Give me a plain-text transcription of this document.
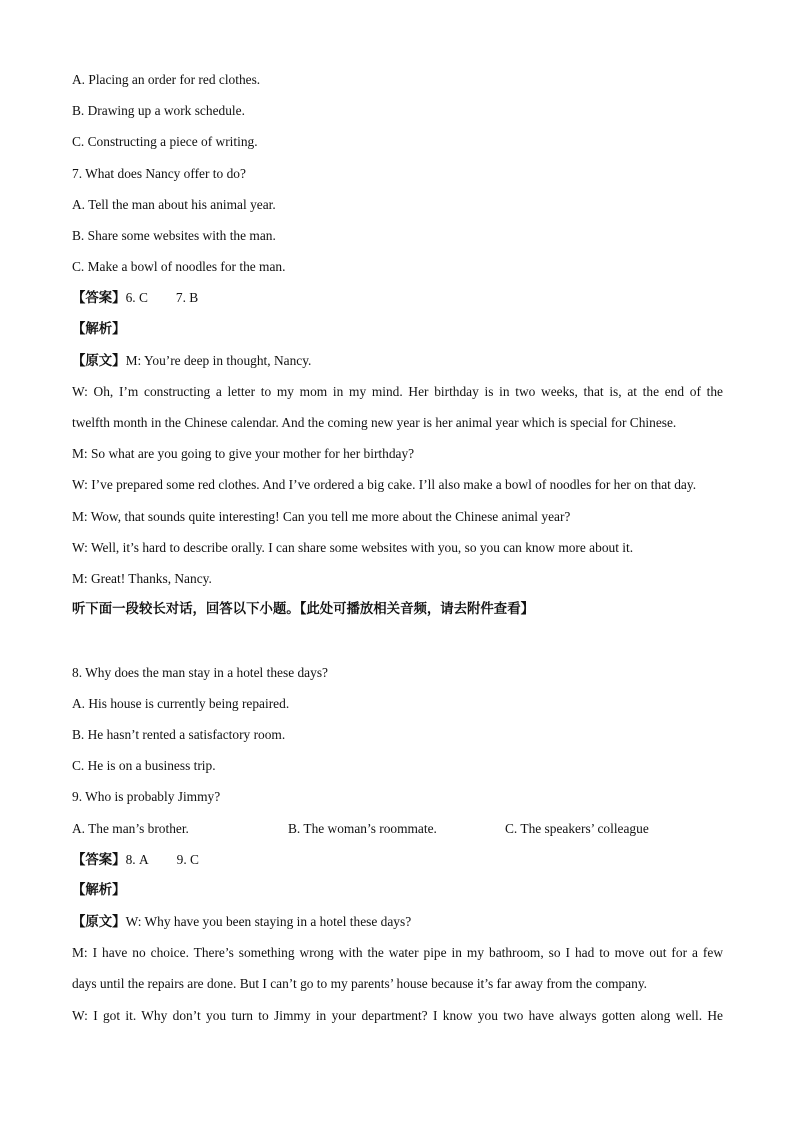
A. Placing an order for red clothes.
B. Drawing up a work schedule.
C. Constructing a piece of writing.
7. What does Nancy offer to do?
A. Tell the man about his animal year.
B. Share some websites with the man.
C. Make a bowl of noodles for the man.
【答案】6. C 7. B
【解析】
【原文】M: You’re deep in thought, Nancy.
W: Oh, I’m constructing a letter to my mom in my mind. Her birthday is in two weeks, that is, at the end of the
twelfth month in the Chinese calendar. And the coming new year is her animal year which is special for Chinese.
M: So what are you going to give your mother for her birthday?
W: I’ve prepared some red clothes. And I’ve ordered a big cake. I’ll also make a bowl of noodles for her on that day.
M: Wow, that sounds quite interesting! Can you tell me more about the Chinese animal year?
W: Well, it’s hard to describe orally. I can share some websites with you, so you can know more about it.
M: Great! Thanks, Nancy.
听下面一段较长对话，回答以下小题。【此处可播放相关音频，请去附件查看】
8. Why does the man stay in a hotel these days?
A. His house is currently being repaired.
B. He hasn’t rented a satisfactory room.
C. He is on a business trip.
9. Who is probably Jimmy?
A. The man’s brother.	B. The woman’s roommate.	C. The speakers’ colleague
【答案】8. A 9. C
【解析】
【原文】W: Why have you been staying in a hotel these days?
M: I have no choice. There’s something wrong with the water pipe in my bathroom, so I had to move out for a few
days until the repairs are done. But I can’t go to my parents’ house because it’s far away from the company.
W: I got it. Why don’t you turn to Jimmy in your department? I know you two have always gotten along well. He
